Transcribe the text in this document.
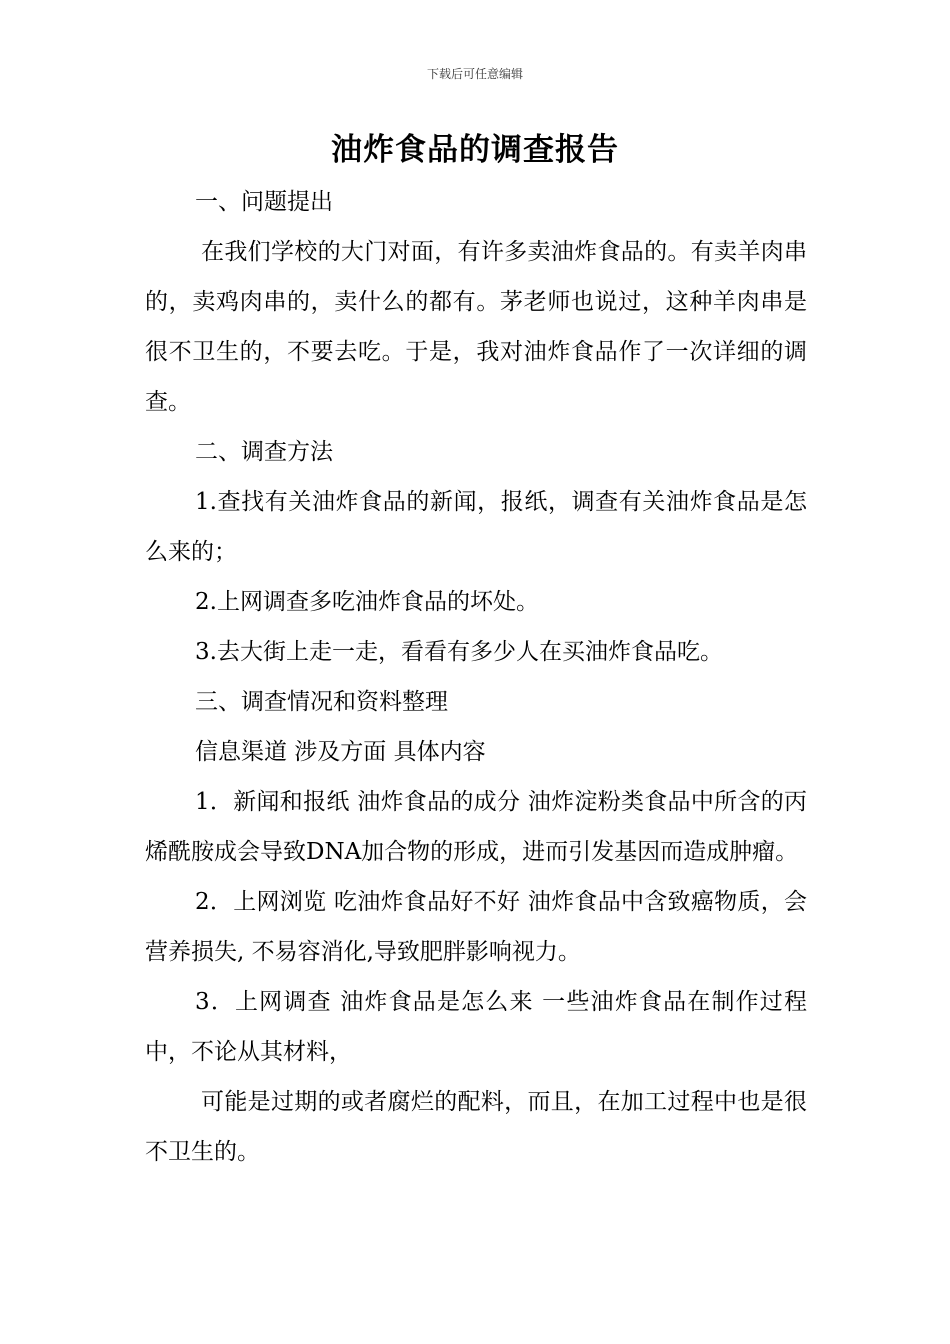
下载后可任意编辑
油炸食品的调查报告

一、问题提出

在我们学校的大门对面，有许多卖油炸食品的。有卖羊肉串的，卖鸡肉串的，卖什么的都有。茅老师也说过，这种羊肉串是很不卫生的，不要去吃。于是，我对油炸食品作了一次详细的调查。

二、调查方法

1.查找有关油炸食品的新闻，报纸，调查有关油炸食品是怎么来的；

2.上网调查多吃油炸食品的坏处。

3.去大街上走一走，看看有多少人在买油炸食品吃。

三、调查情况和资料整理

信息渠道 涉及方面 具体内容

1．新闻和报纸 油炸食品的成分 油炸淀粉类食品中所含的丙烯酰胺成会导致DNA加合物的形成，进而引发基因而造成肿瘤。

2．上网浏览 吃油炸食品好不好 油炸食品中含致癌物质，会营养损失, 不易容消化,导致肥胖影响视力。

3．上网调查 油炸食品是怎么来 一些油炸食品在制作过程中，不论从其材料，

可能是过期的或者腐烂的配料，而且，在加工过程中也是很不卫生的。
